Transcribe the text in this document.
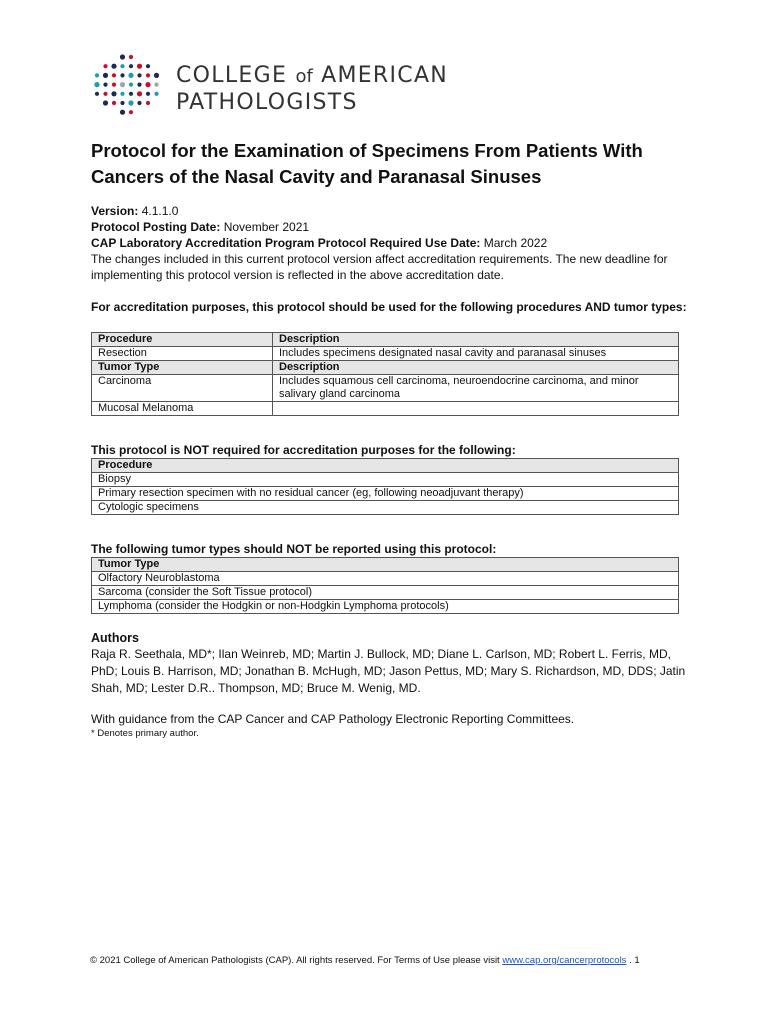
COLLEGE of AMERICAN
PATHOLOGISTS
Protocol for the Examination of Specimens From Patients With Cancers of the Nasal Cavity and Paranasal Sinuses
Version: 4.1.1.0
Protocol Posting Date: November 2021
CAP Laboratory Accreditation Program Protocol Required Use Date: March 2022
The changes included in this current protocol version affect accreditation requirements. The new deadline for implementing this protocol version is reflected in the above accreditation date.
For accreditation purposes, this protocol should be used for the following procedures AND tumor types:
Procedure	Description
Resection	Includes specimens designated nasal cavity and paranasal sinuses
Tumor Type	Description
Carcinoma	Includes squamous cell carcinoma, neuroendocrine carcinoma, and minor salivary gland carcinoma
Mucosal Melanoma	
This protocol is NOT required for accreditation purposes for the following:
Procedure
Biopsy
Primary resection specimen with no residual cancer (eg, following neoadjuvant therapy)
Cytologic specimens
The following tumor types should NOT be reported using this protocol:
Tumor Type
Olfactory Neuroblastoma
Sarcoma (consider the Soft Tissue protocol)
Lymphoma (consider the Hodgkin or non-Hodgkin Lymphoma protocols)
Authors
Raja R. Seethala, MD*; Ilan Weinreb, MD; Martin J. Bullock, MD; Diane L. Carlson, MD; Robert L. Ferris, MD, PhD; Louis B. Harrison, MD; Jonathan B. McHugh, MD; Jason Pettus, MD; Mary S. Richardson, MD, DDS; Jatin Shah, MD; Lester D.R.. Thompson, MD; Bruce M. Wenig, MD.
With guidance from the CAP Cancer and CAP Pathology Electronic Reporting Committees.
* Denotes primary author.
© 2021 College of American Pathologists (CAP). All rights reserved. For Terms of Use please visit www.cap.org/cancerprotocols . 1
